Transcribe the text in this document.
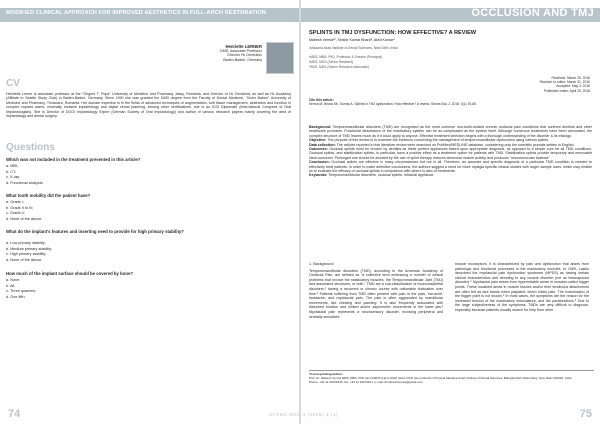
MODIFIED CLINICAL APPROACH FOR IMPROVED AESTHETICS IN FULL-ARCH RESTORATION
Henriette LERNER
DMD, Associate Professor
Director HL Dentclinic
Baden-Baden, Germany
CV
Henriette Lerner is associate professor at the "Grigore T. Popa" University of Medicine and Pharmacy Jassy, Romania, and Director of HL Dentclinic as well as HL Academy (Affiliate to Seattle Study Club) in Baden-Baden, Germany. Since 1990 she was granted the DMD degree from the Faculty of Dental Medicine, "Victor Babes" University of Medicine and Pharmacy, Timisoara, Romania. Her domain expertise is in the fields of advanced techniques of augmentation, soft tissue management, aesthetics and function in complex implant cases, minimally invasive implantology and digital virtual planning. Among other certifications, she is an ICOI Diplomate (International Congress of Oral Implantologists). She is Director of DGOI Implantology Expert (German Society of Oral Implantology) and author of various research papers mainly covering the area of implantology and dental surgery.
Questions
Which was not included in the treatment presented in this article?
a. MRI;
b. CT;
c. X-ray;
d. Functional analysis.
What tooth mobility did the patient have?
a. Grade I;
b. Grade II to III;
c. Grade 0;
d. None of the above.
What do the implant's features and inserting need to provide for high primary stability?
a. Low primary stability;
b. Medium primary stability;
c. High primary stability;
d. None of the above.
How much of the implant surface should be covered by bone?
a. None;
b. All;
c. Three quarters;
d. One fifth.
74
OCCLUSION AND TMJ
SPLINTS IN TMJ DYSFUNCTION: HOW EFFECTIVE? A REVIEW
Mahesh Verma¹², Shishir Kumar Bhara³, Akhil Kumar⁴
¹Maulana Azad Institute of Dental Sciences, New Delhi, India
²MDS, MBA, PhD, Professor & Director (Principal)
³MDS, MDS (Senior Resident)
⁴BDS, MDS (Senior Research Associate)
Received: March 25, 2016
Revised: to editor: March 31, 2016
Accepted: May 3, 2016
Published online: April 25, 2016
Cite this article:
Verma M, Bhara SK, Kumar A. Splints in TMJ dysfunction. How effective? A review. Stoma Edu J. 2016; 3(1):75-80.
Background: Temporomandibular disorders (TMD) are recognized as the most common non-tooth-related chronic orofacial pain conditions that confront dentists and other healthcare providers. Functional disturbance of the masticatory system can be as complicated as the system itself. Although numerous treatments have been advocated, the complex structure of TMD leaves much as if it could apply to anyone. Effective treatment selection begins with a thorough understanding of the disorder & its etiology.
Objective: The purpose of this review is to examine the evidence concerning the management of temporomandibular dysfunction using various splints.
Data collection: The articles reported in this literature review were searched on PubMed/MEDLINE database, considering only the scientific journals written in English.
Outcomes: Occlusal splints must be chosen by dentists as these perfect appliances based upon appropriate diagnosis, as opposed to a simple cure for all TMD conditions. Occlusal splints, and stabilization splints, in particular, have a positive effect as a treatment option for patients with TMD. Stabilization splints provide temporary and removable ideal occlusion. Prolonged use should be avoided by the use of splint therapy reduces abnormal muscle activity and produces "neuromuscular balance".
Conclusion: Occlusal splints are effective in many circumstances but not in all. Therefore, an accurate and specific diagnosis of a particular TMD condition is needed to effectively treat patients. In order to make definitive conclusions, the authors suggest a need for more myalgia specific clinical studies with larger sample sizes, which may enable us to evaluate the efficacy of occlusal splints in comparison with others is also of treatments.
Keywords: Temporomandibular disorders, occlusal splints, intraoral appliance.
1. Background
Temporomandibular disorders (TMD), according to the American Academy of Orofacial Pain, are defined as "a collective term embracing a number of clinical problems that involve the masticatory muscles, the Temporomandibular Joint (TMJ) and associated structures, or both." TMD are a sub-classification of musculoskeletal disorders,¹ having a recurrent or chronic course with noticeable fluctuation over time.² Patients suffering from TMD often present with pain in the jaws, ear-ache, headache, and myofascial pain. The pain is often aggravated by mandibular movements, like chewing and yawning. It is also frequently associated with disturbed function and limited and/or asymmetric movements of the lower jaw.³ Myofascial pain represents a neurosensory disorder, involving peripheral and centrally sensitized
muscle nociceptors. It is characterized by pain and dysfunction that arises from pathologic and functional processes in the masticatory muscles. In 1969, Laskin described the myofascial pain dysfunction syndrome (MPDS) as having certain clinical characteristics and denoting to any muscle disorder (not as intracapsular disorder).⁴ Myofascial pain arises from hyperirritable areas in muscles called trigger points. These localized areas in muscle tissues and/or their tendinous attachments are often felt as taut bands when palpated, which elicits pain. The examination of the trigger point is not known.⁵ In most cases, the symptoms are the reason for the increased tension of the masticatory musculature, and the parafunctions.⁶ Due to the large subjectiveness of the symptoms, TMDs are very difficult to diagnose, especially because patients usually search for help from other
*Corresponding author:
Prof. Dr. Mahesh Verma MDS, MBA, PhD (Hc) FIRDS (Hon) FIDM (Hon) FICD (Hon) Director Principal Maulana Azad Institute of Dental Sciences, Bahadurshah Zafar Marg, New Delhi 110002, India
Phone: +91 11 23231836, fax: +91 11 23231161, e-mail: drmaheshverma@gmail.com
75
STOMA.EDU.J (2016) 3 (1)
